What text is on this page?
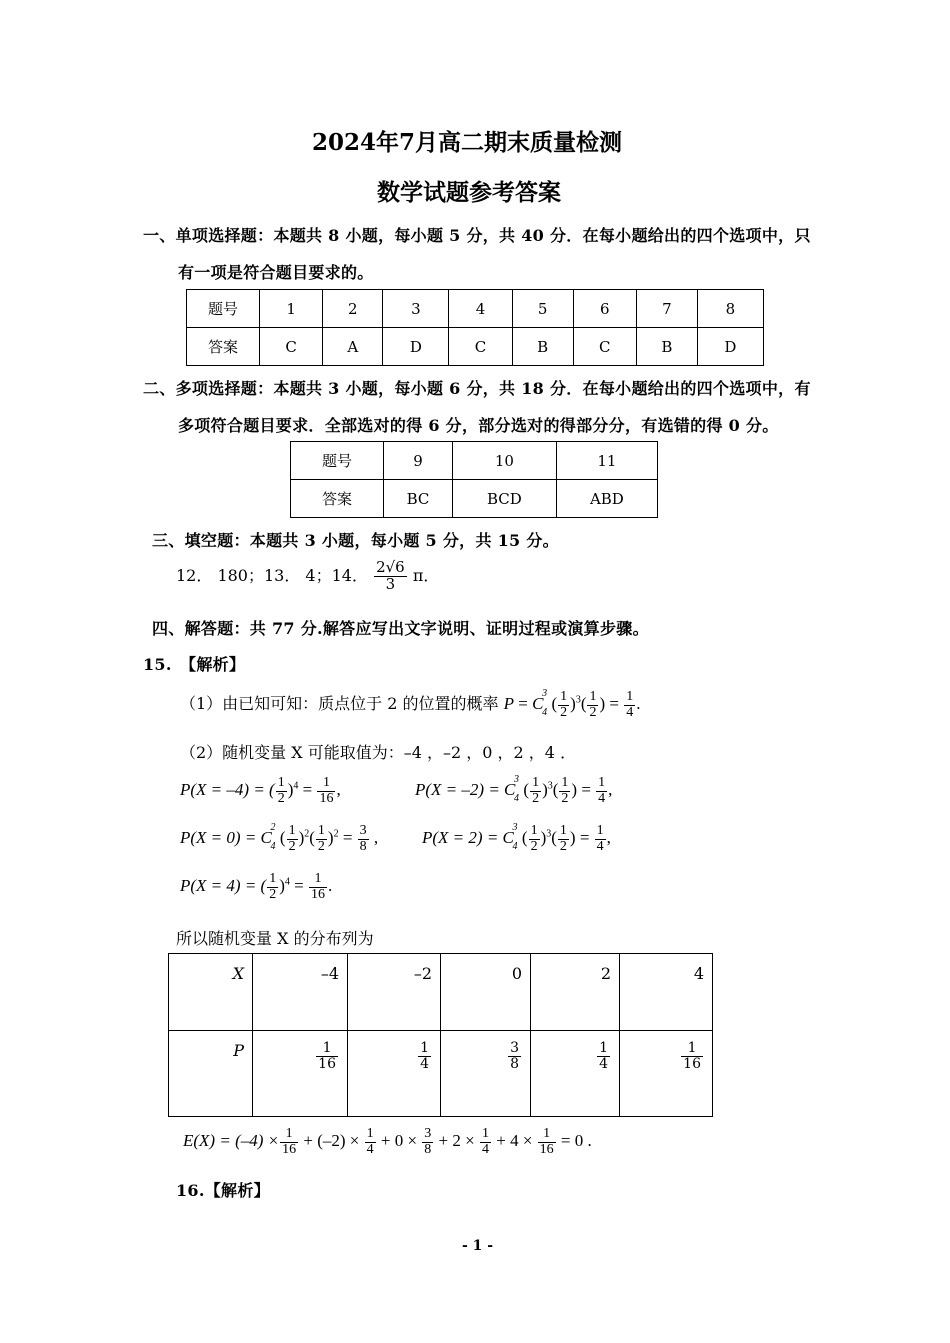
2024年7月高二期末质量检测
数学试题参考答案
一、单项选择题：本题共 8 小题，每小题 5 分，共 40 分．在每小题给出的四个选项中，只
有一项是符合题目要求的。
题号	1	2	3	4	5	6	7	8
答案	C	A	D	C	B	C	B	D
二、多项选择题：本题共 3 小题，每小题 6 分，共 18 分．在每小题给出的四个选项中，有
多项符合题目要求．全部选对的得 6 分，部分选对的得部分分，有选错的得 0 分。
题号	9	10	11
答案	BC	BCD	ABD
三、填空题：本题共 3 小题，每小题 5 分，共 15 分。
12． 180；13． 4；14． $\frac{2√6}{3}$ π．
四、解答题：共 77 分.解答应写出文字说明、证明过程或演算步骤。
15.　【解析】
（1）由已知可知：质点位于 2 的位置的概率 P = C
3
4 ( $\frac{1}{2} )^3( \frac{1}{2}$ ) = $\frac{1}{4}$ .
（2）随机变量 X 可能取值为：–4 ，–2 ，0 ，2 ，4 ．
P(X = –4) = ( $\frac{1}{2} )^4 = \frac{1}{16}$ ,	P(X = –2) = C
3
4 ( $\frac{1}{2} )^3( \frac{1}{2}$ ) = $\frac{1}{4}$ ,
P(X = 0) = C
2
4 ( $\frac{1}{2} )^2( \frac{1}{2} )^2 = \frac{3}{8}$ ,	P(X = 2) = C
3
4 ( $\frac{1}{2} )^3( \frac{1}{2}$ ) = $\frac{1}{4}$ ,
P(X = 4) = ( $\frac{1}{2} )^4 = \frac{1}{16}$ .
所以随机变量 X 的分布列为
X	–4	–2	0	2	4
P	$\frac{1}{16}$	$\frac{1}{4}$	$\frac{3}{8}$	$\frac{1}{4}$	$\frac{1}{16}$
$E(X) = (-4) \times \frac{1}{16} + (-2) \times \frac{1}{4} + 0 \times \frac{3}{8} + 2 \times \frac{1}{4} + 4 \times \frac{1}{16} = 0$ .
16.【解析】
- 1 -
